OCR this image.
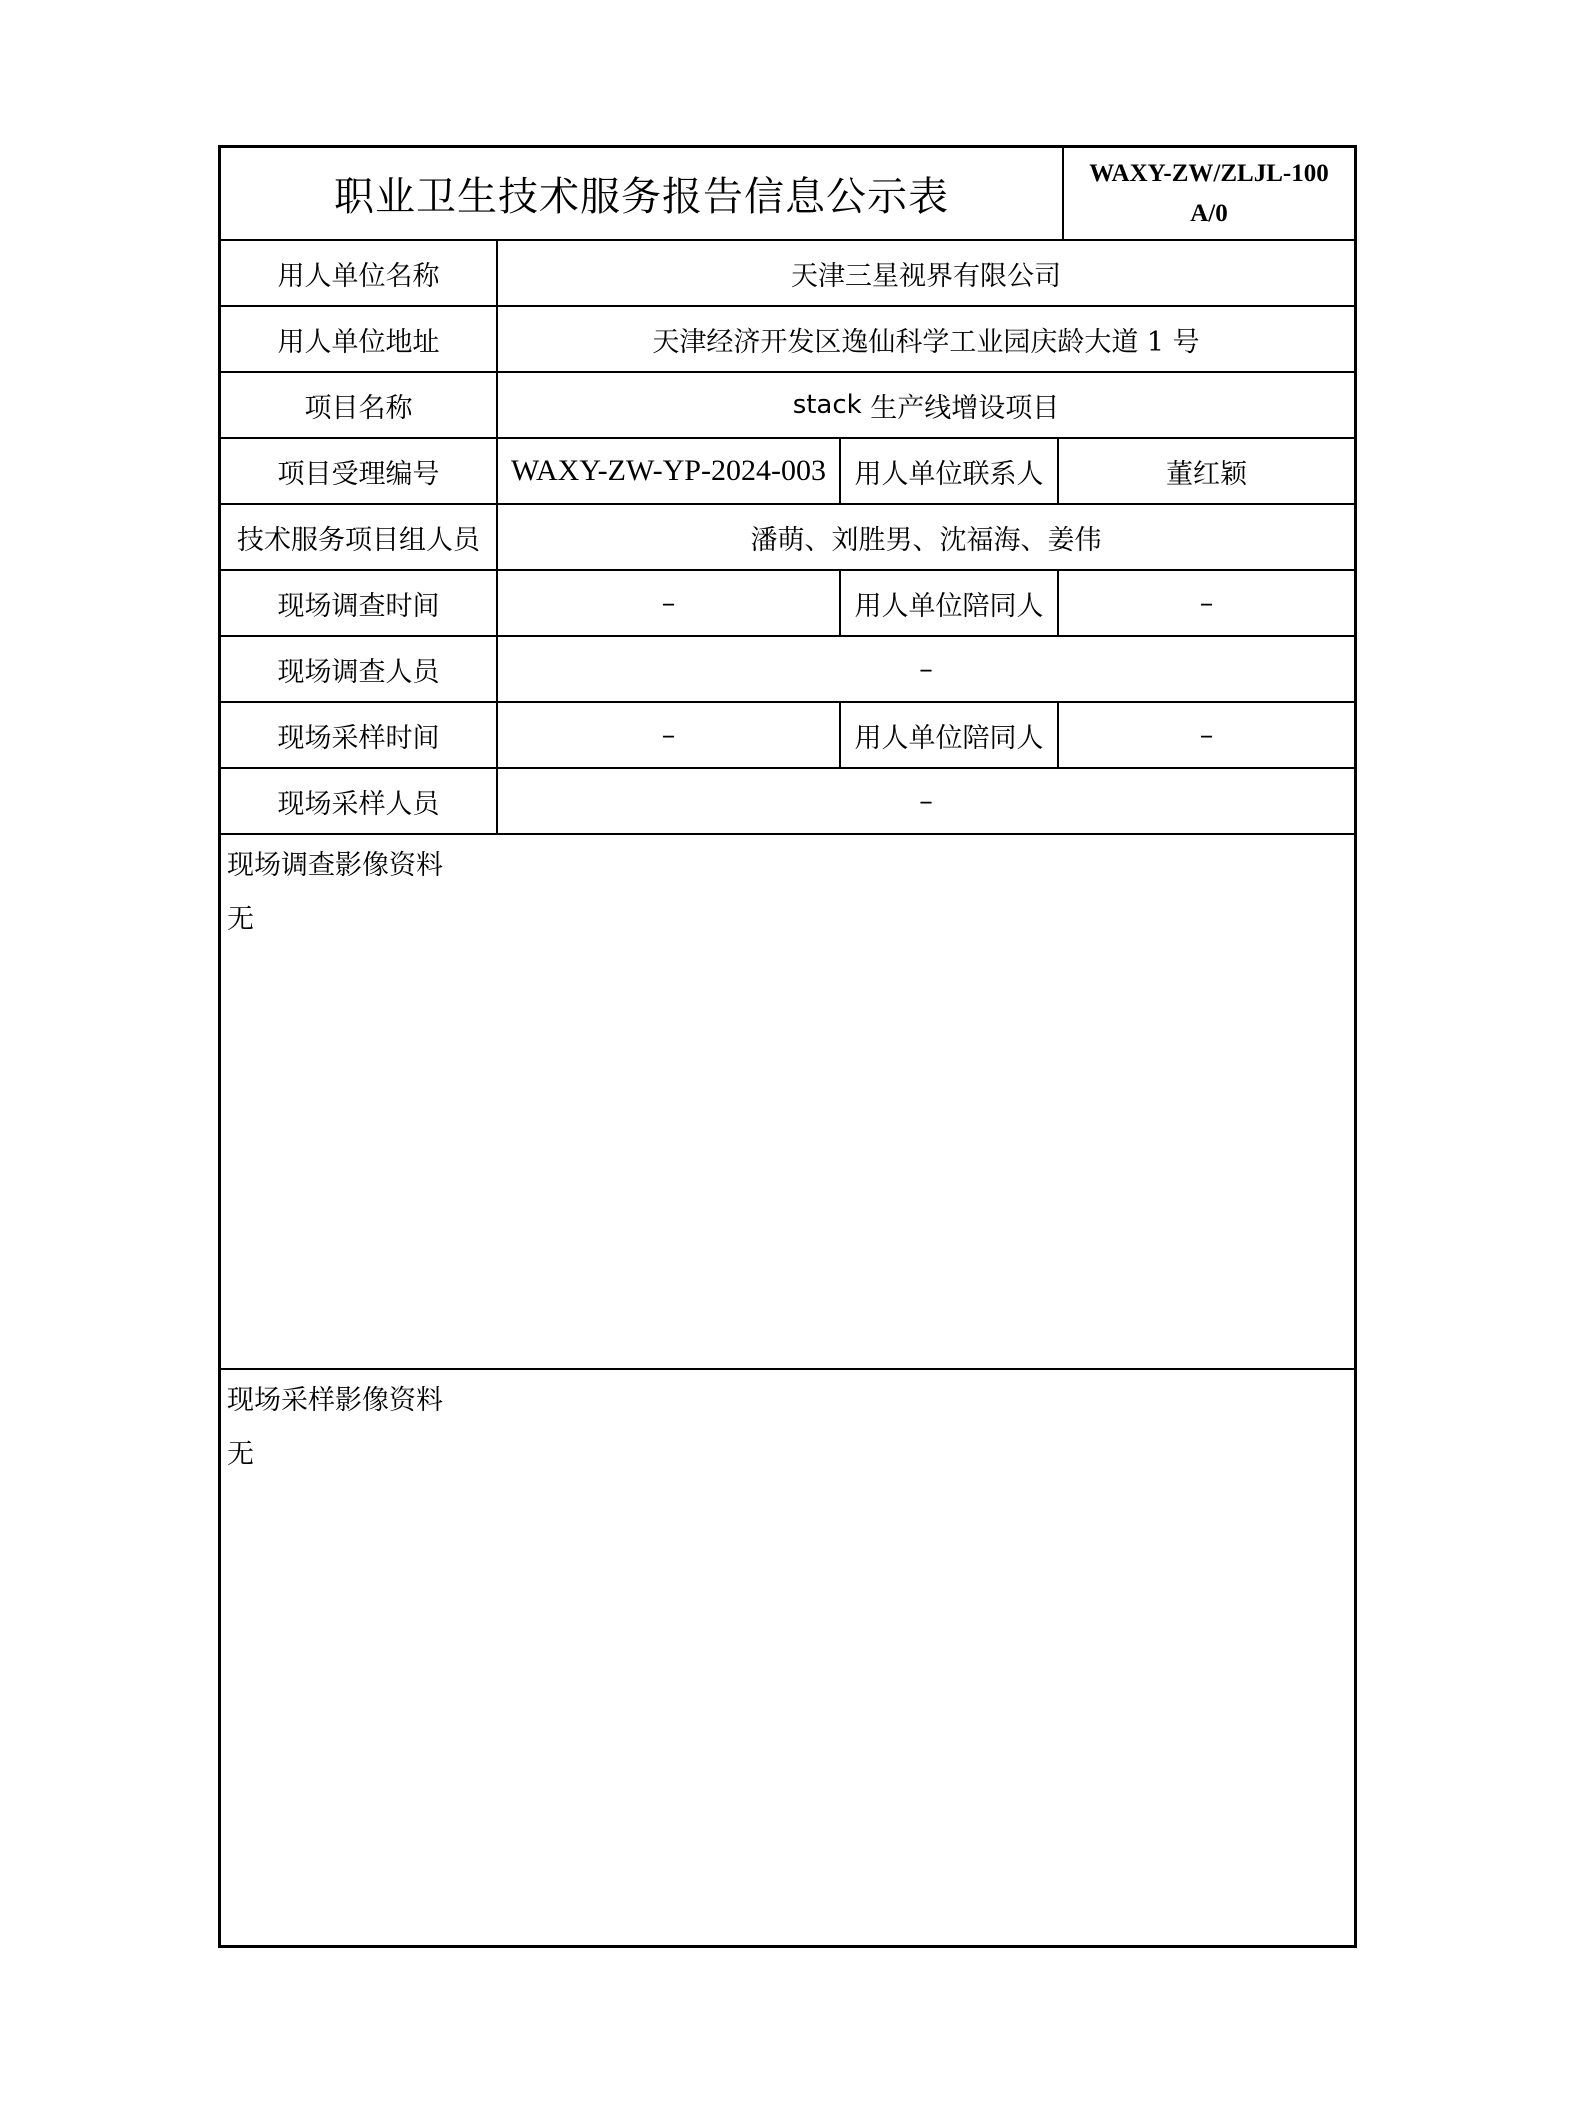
职业卫生技术服务报告信息公示表
WAXY-ZW/ZLJL-100
A/0
用人单位名称	天津三星视界有限公司
用人单位地址	天津经济开发区逸仙科学工业园庆龄大道 1 号
项目名称	stack 生产线增设项目
项目受理编号	WAXY-ZW-YP-2024-003	用人单位联系人	董红颖
技术服务项目组人员	潘萌、刘胜男、沈福海、姜伟
现场调查时间	–	用人单位陪同人	–
现场调查人员	–
现场采样时间	–	用人单位陪同人	–
现场采样人员	–
现场调查影像资料
无
现场采样影像资料
无
